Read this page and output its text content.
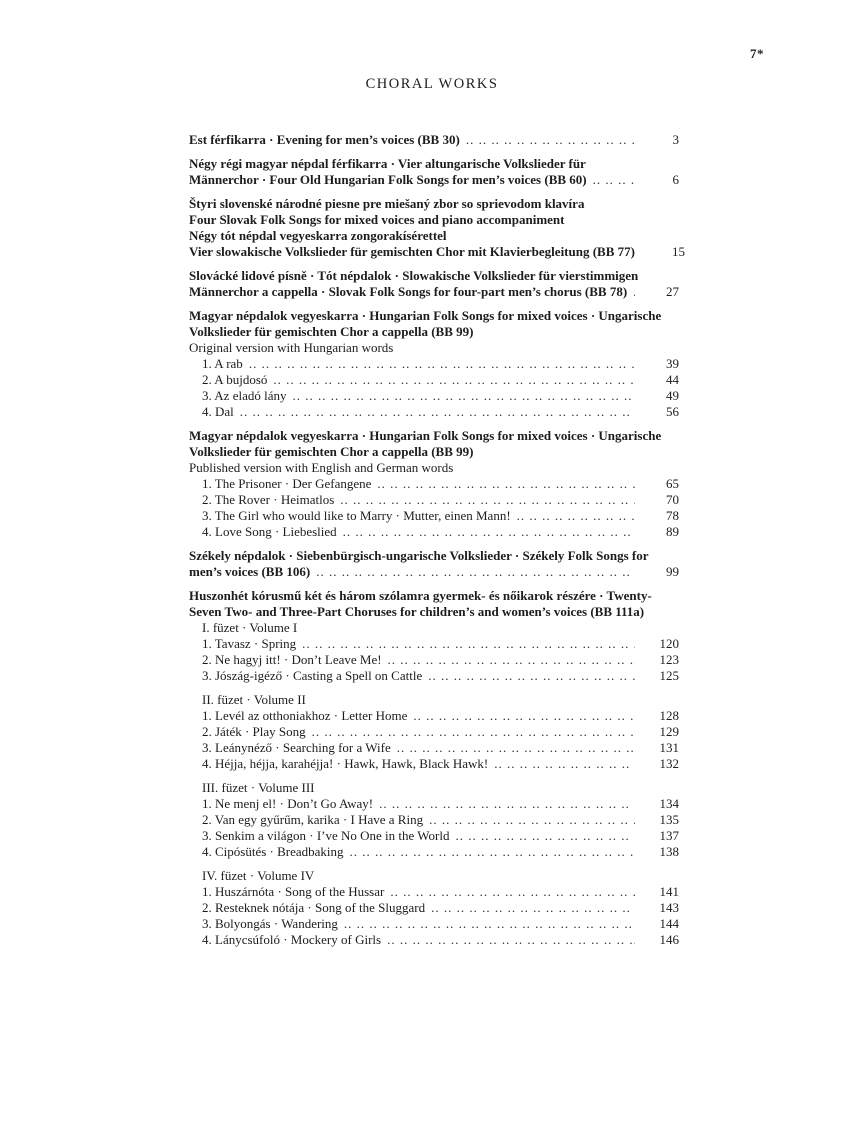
7*
CHORAL WORKS
Est férfikarra · Evening for men’s voices (BB 30) .. ..	3
Négy régi magyar népdal férfikarra · Vier altungarische Volkslieder für
Männerchor · Four Old Hungarian Folk Songs for men’s voices (BB 60) .. ..	6
Štyri slovenské národné piesne pre miešaný zbor so sprievodom klavíra
Four Slovak Folk Songs for mixed voices and piano accompaniment
Négy tót népdal vegyeskarra zongorakísérettel
Vier slowakische Volkslieder für gemischten Chor mit Klavierbegleitung (BB 77)	15
Slovácké lidové písně · Tót népdalok · Slowakische Volkslieder für vierstimmigen
Männerchor a cappella · Slovak Folk Songs for four-part men’s chorus (BB 78) .. ..	27
Magyar népdalok vegyeskarra · Hungarian Folk Songs for mixed voices · Ungarische
Volkslieder für gemischten Chor a cappella (BB 99)
Original version with Hungarian words
1. A rab .. ..	39
2. A bujdosó .. ..	44
3. Az eladó lány .. ..	49
4. Dal .. ..	56
Magyar népdalok vegyeskarra · Hungarian Folk Songs for mixed voices · Ungarische
Volkslieder für gemischten Chor a cappella (BB 99)
Published version with English and German words
1. The Prisoner · Der Gefangene .. ..	65
2. The Rover · Heimatlos .. ..	70
3. The Girl who would like to Marry · Mutter, einen Mann! .. ..	78
4. Love Song · Liebeslied .. ..	89
Székely népdalok · Siebenbürgisch-ungarische Volkslieder · Székely Folk Songs for
men’s voices (BB 106) .. ..	99
Huszonhét kórusmű két és három szólamra gyermek- és nőikarok részére · Twenty-
Seven Two- and Three-Part Choruses for children’s and women’s voices (BB 111a)
I. füzet · Volume I
1. Tavasz · Spring .. ..	120
2. Ne hagyj itt! · Don’t Leave Me! .. ..	123
3. Jószág-igéző · Casting a Spell on Cattle .. ..	125
II. füzet · Volume II
1. Levél az otthoniakhoz · Letter Home .. ..	128
2. Játék · Play Song .. ..	129
3. Leánynéző · Searching for a Wife .. ..	131
4. Héjja, héjja, karahéjja! · Hawk, Hawk, Black Hawk! .. ..	132
III. füzet · Volume III
1. Ne menj el! · Don’t Go Away! .. ..	134
2. Van egy gyűrűm, karika · I Have a Ring .. ..	135
3. Senkim a világon · I’ve No One in the World .. ..	137
4. Cipósütés · Breadbaking .. ..	138
IV. füzet · Volume IV
1. Huszárnóta · Song of the Hussar .. ..	141
2. Resteknek nótája · Song of the Sluggard .. ..	143
3. Bolyongás · Wandering .. ..	144
4. Lánycsúfoló · Mockery of Girls .. ..	146
